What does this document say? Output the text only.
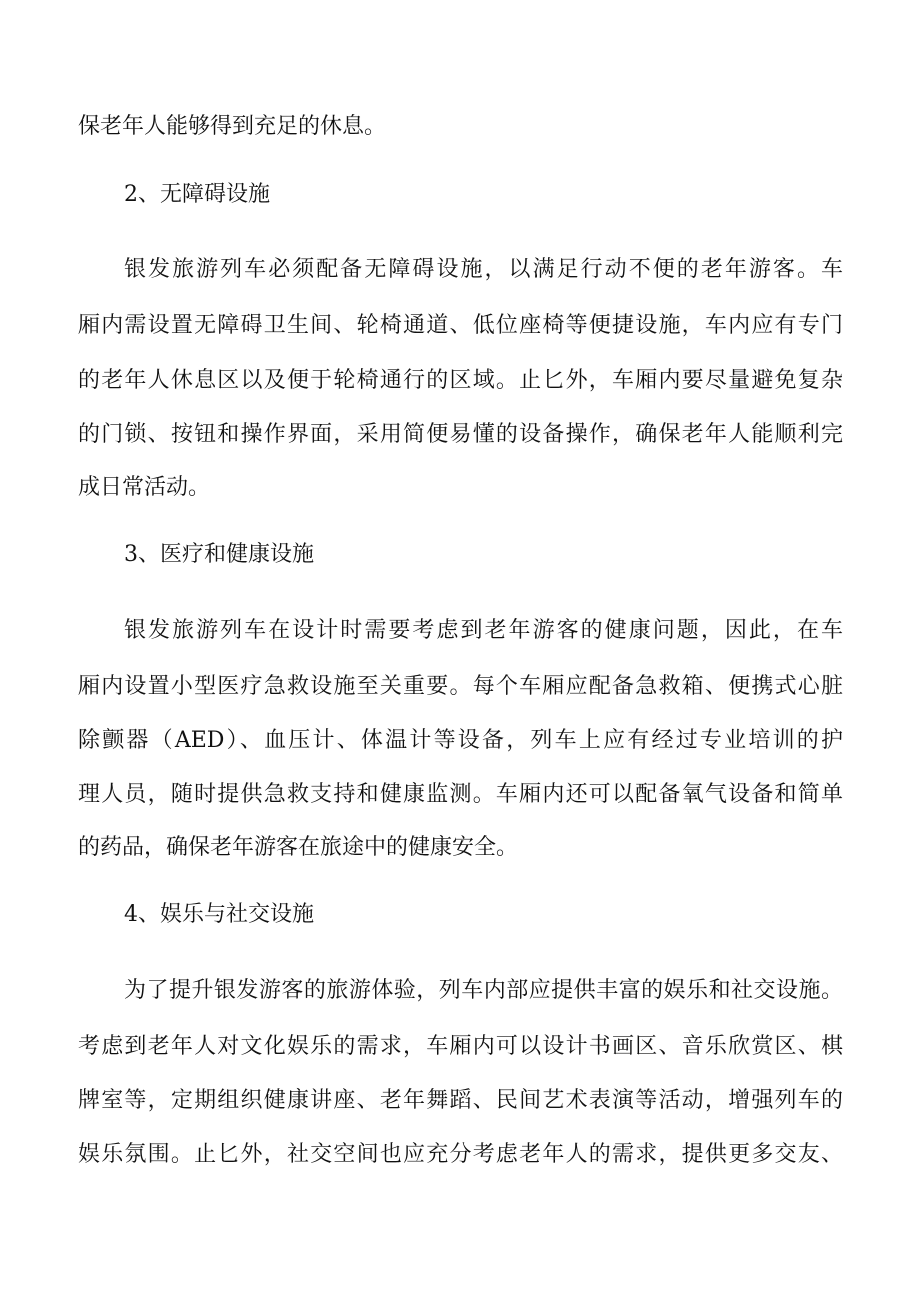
保老年人能够得到充足的休息。
2、无障碍设施
银发旅游列车必须配备无障碍设施，以满足行动不便的老年游客。车
厢内需设置无障碍卫生间、轮椅通道、低位座椅等便捷设施，车内应有专门
的老年人休息区以及便于轮椅通行的区域。止匕外，车厢内要尽量避免复杂
的门锁、按钮和操作界面，采用简便易懂的设备操作，确保老年人能顺利完
成日常活动。
3、医疗和健康设施
银发旅游列车在设计时需要考虑到老年游客的健康问题，因此，在车
厢内设置小型医疗急救设施至关重要。每个车厢应配备急救箱、便携式心脏
除颤器（AED）、血压计、体温计等设备，列车上应有经过专业培训的护
理人员，随时提供急救支持和健康监测。车厢内还可以配备氧气设备和简单
的药品，确保老年游客在旅途中的健康安全。
4、娱乐与社交设施
为了提升银发游客的旅游体验，列车内部应提供丰富的娱乐和社交设施。
考虑到老年人对文化娱乐的需求，车厢内可以设计书画区、音乐欣赏区、棋
牌室等，定期组织健康讲座、老年舞蹈、民间艺术表演等活动，增强列车的
娱乐氛围。止匕外，社交空间也应充分考虑老年人的需求，提供更多交友、
